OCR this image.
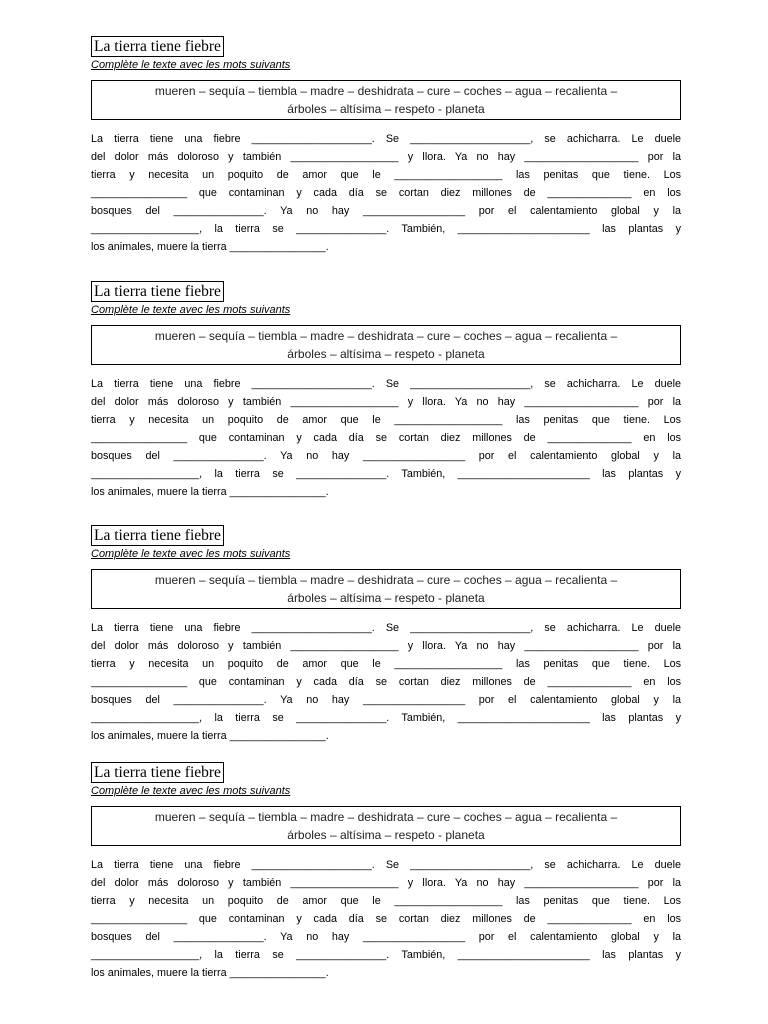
La tierra tiene fiebre
Complète le texte avec les mots suivants
mueren – sequía – tiembla – madre – deshidrata – cure – coches – agua – recalienta –
árboles – altísima – respeto - planeta
La tierra tiene una fiebre ____________________. Se ____________________, se achicharra. Le duele
del dolor más doloroso y también __________________ y llora. Ya no hay ___________________ por la
tierra y necesita un poquito de amor que le __________________ las penitas que tiene. Los
________________ que contaminan y cada día se cortan diez millones de ______________ en los
bosques del _______________. Ya no hay _________________ por el calentamiento global y la
__________________, la tierra se _______________. También, ______________________ las plantas y
los animales, muere la tierra ________________.
La tierra tiene fiebre
Complète le texte avec les mots suivants
mueren – sequía – tiembla – madre – deshidrata – cure – coches – agua – recalienta –
árboles – altísima – respeto - planeta
La tierra tiene una fiebre ____________________. Se ____________________, se achicharra. Le duele
del dolor más doloroso y también __________________ y llora. Ya no hay ___________________ por la
tierra y necesita un poquito de amor que le __________________ las penitas que tiene. Los
________________ que contaminan y cada día se cortan diez millones de ______________ en los
bosques del _______________. Ya no hay _________________ por el calentamiento global y la
__________________, la tierra se _______________. También, ______________________ las plantas y
los animales, muere la tierra ________________.
La tierra tiene fiebre
Complète le texte avec les mots suivants
mueren – sequía – tiembla – madre – deshidrata – cure – coches – agua – recalienta –
árboles – altísima – respeto - planeta
La tierra tiene una fiebre ____________________. Se ____________________, se achicharra. Le duele
del dolor más doloroso y también __________________ y llora. Ya no hay ___________________ por la
tierra y necesita un poquito de amor que le __________________ las penitas que tiene. Los
________________ que contaminan y cada día se cortan diez millones de ______________ en los
bosques del _______________. Ya no hay _________________ por el calentamiento global y la
__________________, la tierra se _______________. También, ______________________ las plantas y
los animales, muere la tierra ________________.
La tierra tiene fiebre
Complète le texte avec les mots suivants
mueren – sequía – tiembla – madre – deshidrata – cure – coches – agua – recalienta –
árboles – altísima – respeto - planeta
La tierra tiene una fiebre ____________________. Se ____________________, se achicharra. Le duele
del dolor más doloroso y también __________________ y llora. Ya no hay ___________________ por la
tierra y necesita un poquito de amor que le __________________ las penitas que tiene. Los
________________ que contaminan y cada día se cortan diez millones de ______________ en los
bosques del _______________. Ya no hay _________________ por el calentamiento global y la
__________________, la tierra se _______________. También, ______________________ las plantas y
los animales, muere la tierra ________________.
